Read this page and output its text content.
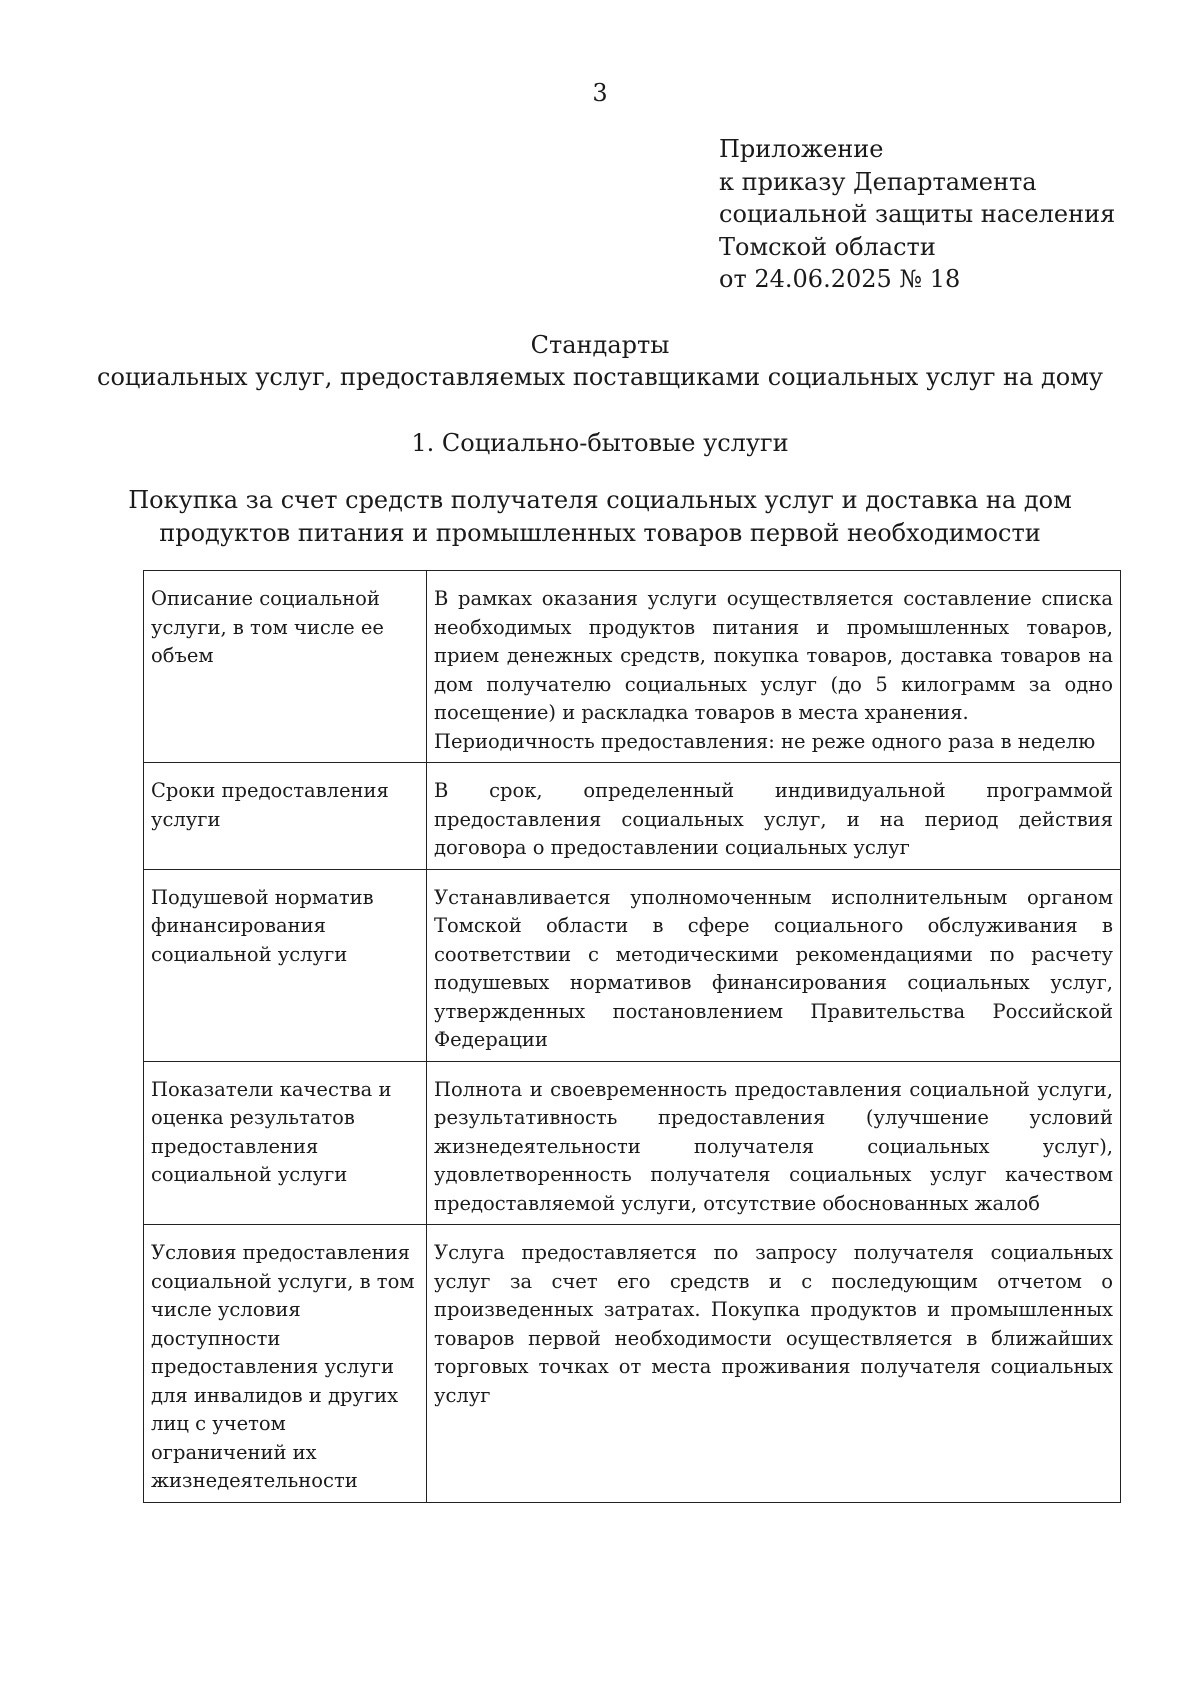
3
Приложение
к приказу Департамента
социальной защиты населения
Томской области
от 24.06.2025 № 18
Стандарты
социальных услуг, предоставляемых поставщиками социальных услуг на дому
1. Социально-бытовые услуги
Покупка за счет средств получателя социальных услуг и доставка на дом
продуктов питания и промышленных товаров первой необходимости
Описание социальной услуги, в том числе ее объем	В рамках оказания услуги осуществляется составление списка необходимых продуктов питания и промышленных товаров, прием денежных средств, покупка товаров, доставка товаров на дом получателю социальных услуг (до 5 килограмм за одно посещение) и раскладка товаров в места хранения.
Периодичность предоставления: не реже одного раза в неделю

Сроки предоставления услуги	В срок, определенный индивидуальной программой предоставления социальных услуг, и на период действия договора о предоставлении социальных услуг
Подушевой норматив финансирования социальной услуги	Устанавливается уполномоченным исполнительным органом Томской области в сфере социального обслуживания в соответствии с методическими рекомендациями по расчету подушевых нормативов финансирования социальных услуг, утвержденных постановлением Правительства Российской Федерации
Показатели качества и оценка результатов предоставления социальной услуги	Полнота и своевременность предоставления социальной услуги, результативность предоставления (улучшение условий жизнедеятельности получателя социальных услуг), удовлетворенность получателя социальных услуг качеством предоставляемой услуги, отсутствие обоснованных жалоб
Условия предоставления социальной услуги, в том числе условия доступности предоставления услуги для инвалидов и других лиц с учетом ограничений их жизнедеятельности	Услуга предоставляется по запросу получателя социальных услуг за счет его средств и с последующим отчетом о произведенных затратах. Покупка продуктов и промышленных товаров первой необходимости осуществляется в ближайших торговых точках от места проживания получателя социальных услуг
